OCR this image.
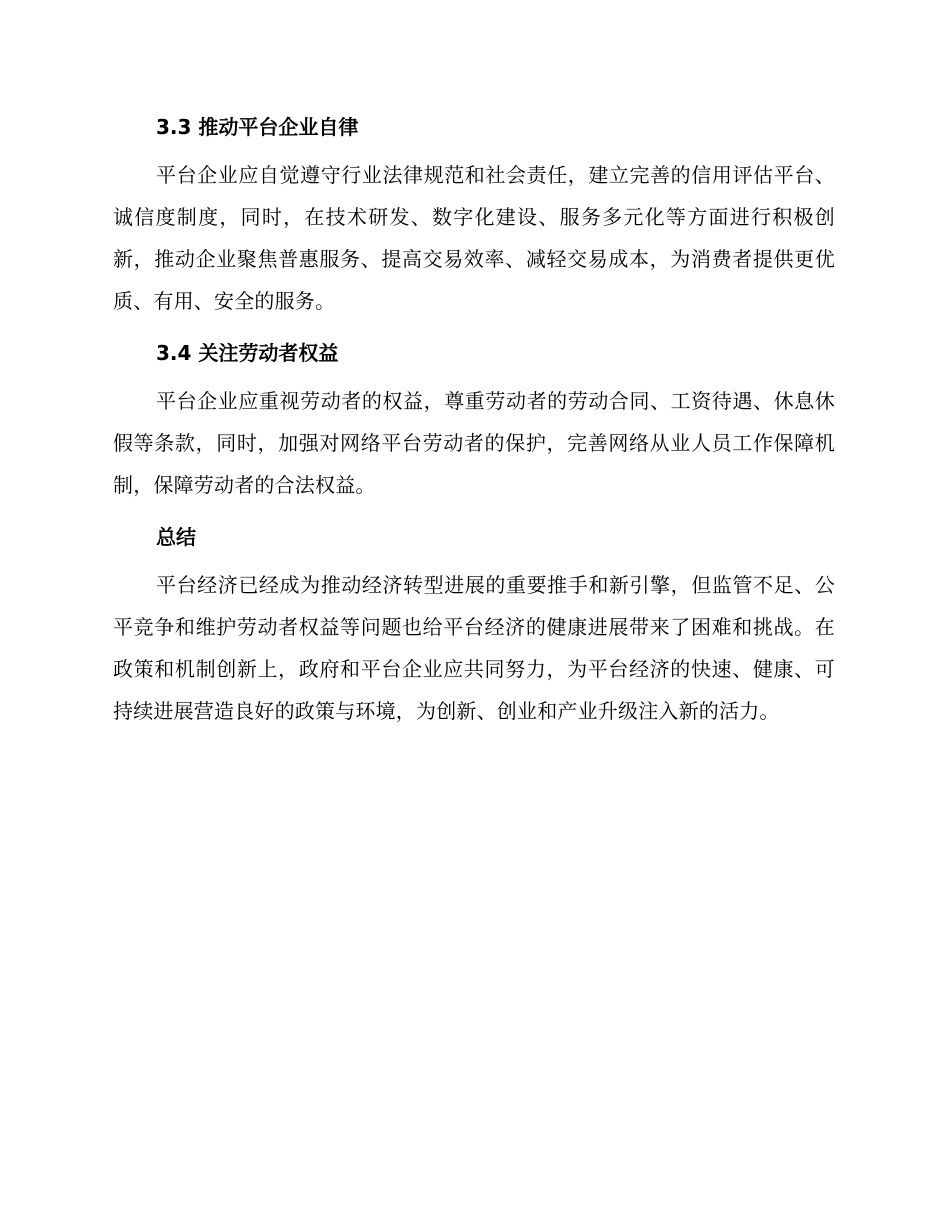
3.3 推动平台企业自律

平台企业应自觉遵守行业法律规范和社会责任，建立完善的信用评估平台、诚信度制度，同时，在技术研发、数字化建设、服务多元化等方面进行积极创新，推动企业聚焦普惠服务、提高交易效率、减轻交易成本，为消费者提供更优质、有用、安全的服务。

3.4 关注劳动者权益

平台企业应重视劳动者的权益，尊重劳动者的劳动合同、工资待遇、休息休假等条款，同时，加强对网络平台劳动者的保护，完善网络从业人员工作保障机制，保障劳动者的合法权益。

总结

平台经济已经成为推动经济转型进展的重要推手和新引擎，但监管不足、公平竞争和维护劳动者权益等问题也给平台经济的健康进展带来了困难和挑战。在政策和机制创新上，政府和平台企业应共同努力，为平台经济的快速、健康、可持续进展营造良好的政策与环境，为创新、创业和产业升级注入新的活力。
